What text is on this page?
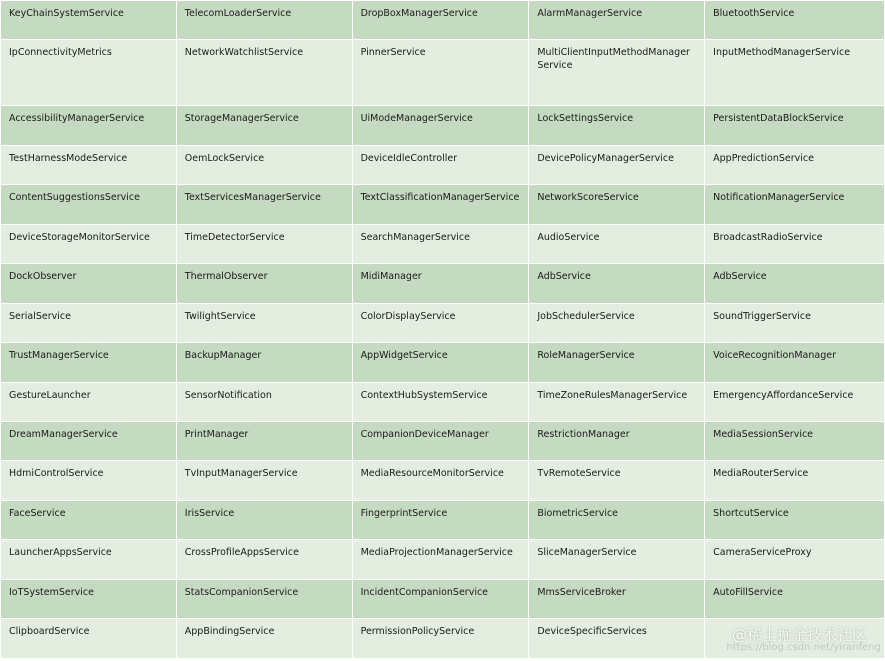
KeyChainSystemService	TelecomLoaderService	DropBoxManagerService	AlarmManagerService	BluetoothService
IpConnectivityMetrics	NetworkWatchlistService	PinnerService	MultiClientInputMethodManager Service	InputMethodManagerService
AccessibilityManagerService	StorageManagerService	UiModeManagerService	LockSettingsService	PersistentDataBlockService
TestHarnessModeService	OemLockService	DeviceIdleController	DevicePolicyManagerService	AppPredictionService
ContentSuggestionsService	TextServicesManagerService	TextClassificationManagerService	NetworkScoreService	NotificationManagerService
DeviceStorageMonitorService	TimeDetectorService	SearchManagerService	AudioService	BroadcastRadioService
DockObserver	ThermalObserver	MidiManager	AdbService	AdbService
SerialService	TwilightService	ColorDisplayService	JobSchedulerService	SoundTriggerService
TrustManagerService	BackupManager	AppWidgetService	RoleManagerService	VoiceRecognitionManager
GestureLauncher	SensorNotification	ContextHubSystemService	TimeZoneRulesManagerService	EmergencyAffordanceService
DreamManagerService	PrintManager	CompanionDeviceManager	RestrictionManager	MediaSessionService
HdmiControlService	TvInputManagerService	MediaResourceMonitorService	TvRemoteService	MediaRouterService
FaceService	IrisService	FingerprintService	BiometricService	ShortcutService
LauncherAppsService	CrossProfileAppsService	MediaProjectionManagerService	SliceManagerService	CameraServiceProxy
IoTSystemService	StatsCompanionService	IncidentCompanionService	MmsServiceBroker	AutoFillService
ClipboardService	AppBindingService	PermissionPolicyService	DeviceSpecificServices	
https://blog.csdn.net/yiranfeng
@稀土掘金技术社区
